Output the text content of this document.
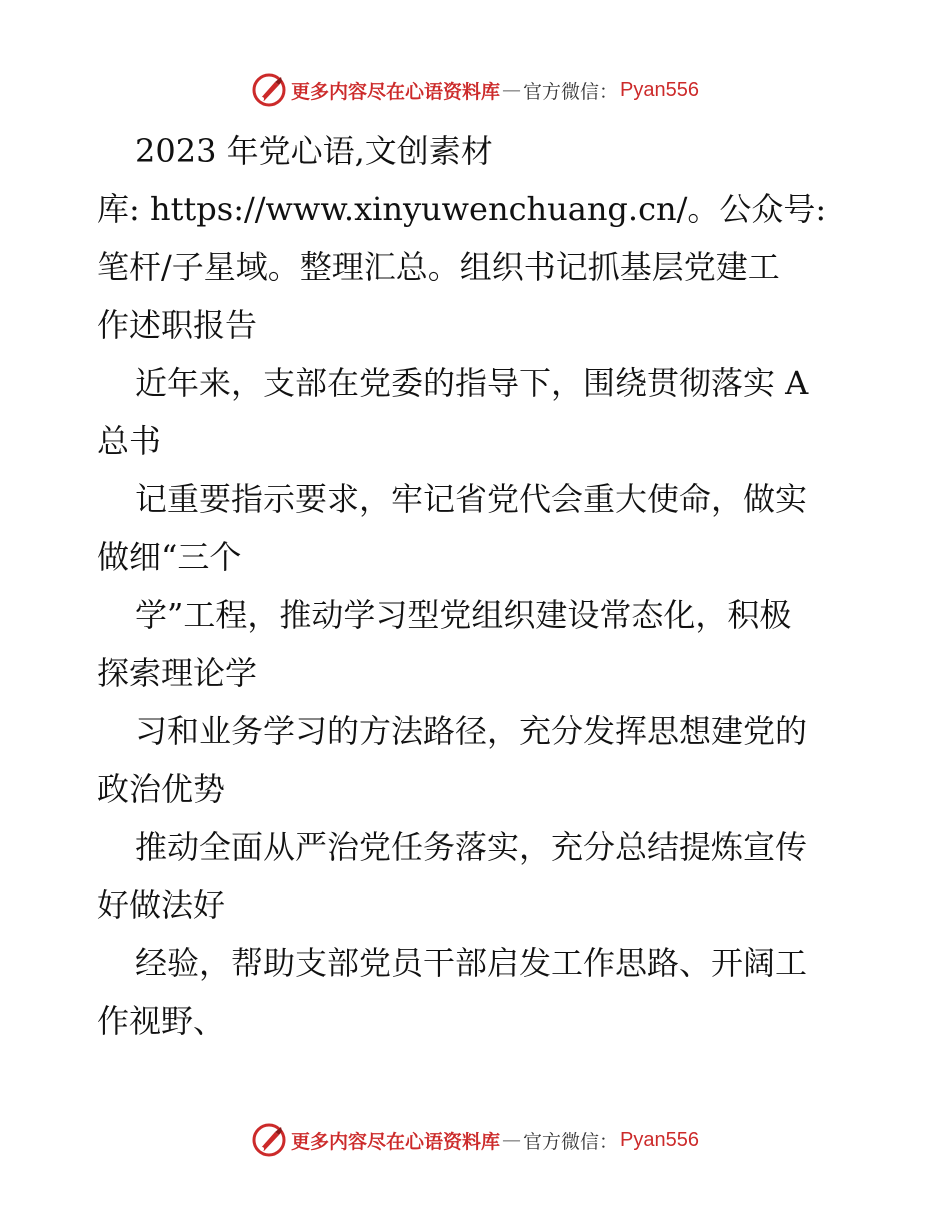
更多内容尽在心语资料库 — 官方微信： Pyan556
2023 年党心语,文创素材
库: https://www.xinyuwenchuang.cn/。公众号:
笔杆/子星域。整理汇总。组织书记抓基层党建工
作述职报告
近年来，支部在党委的指导下，围绕贯彻落实 A
总书
记重要指示要求，牢记省党代会重大使命，做实
做细“三个
学”工程，推动学习型党组织建设常态化，积极
探索理论学
习和业务学习的方法路径，充分发挥思想建党的
政治优势
推动全面从严治党任务落实，充分总结提炼宣传
好做法好
经验，帮助支部党员干部启发工作思路、开阔工
作视野、
更多内容尽在心语资料库 — 官方微信： Pyan556
